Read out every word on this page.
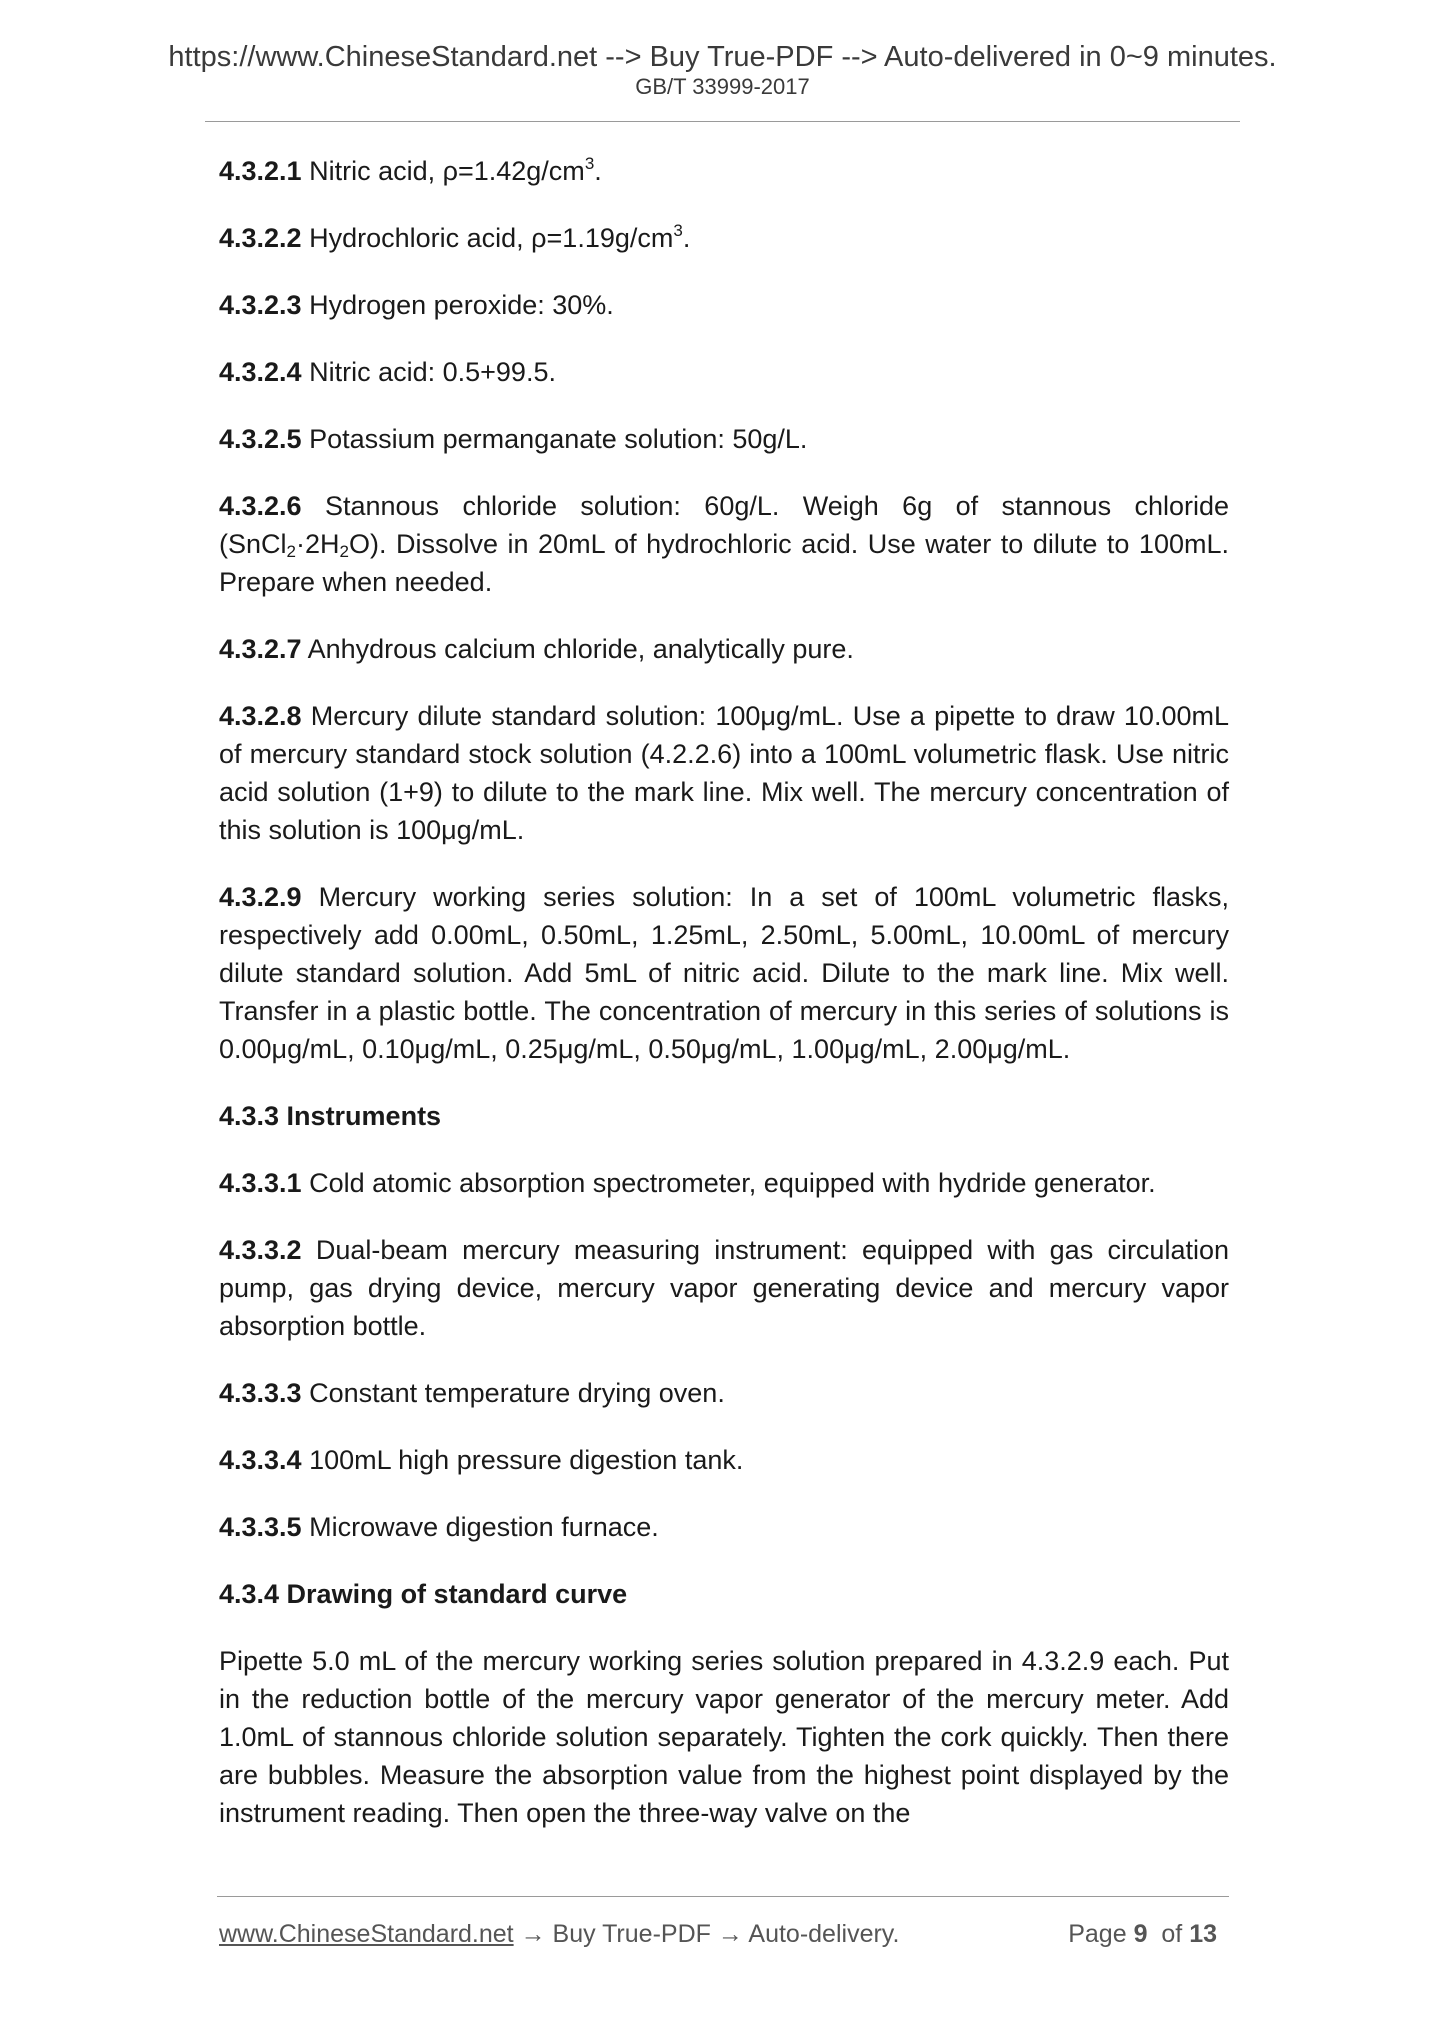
https://www.ChineseStandard.net --> Buy True-PDF --> Auto-delivered in 0~9 minutes.
GB/T 33999-2017

4.3.2.1 Nitric acid, $\rho=1.42g/cm^3$.

4.3.2.2 Hydrochloric acid, $\rho=1.19g/cm^3$.

4.3.2.3 Hydrogen peroxide: 30%.

4.3.2.4 Nitric acid: 0.5+99.5.

4.3.2.5 Potassium permanganate solution: 50g/L.

4.3.2.6 Stannous chloride solution: 60g/L. Weigh 6g of stannous chloride $(SnCl_2\cdot 2H_2O)$. Dissolve in 20mL of hydrochloric acid. Use water to dilute to 100mL. Prepare when needed.

4.3.2.7 Anhydrous calcium chloride, analytically pure.

4.3.2.8 Mercury dilute standard solution: 100μg/mL. Use a pipette to draw 10.00mL of mercury standard stock solution (4.2.2.6) into a 100mL volumetric flask. Use nitric acid solution (1+9) to dilute to the mark line. Mix well. The mercury concentration of this solution is 100μg/mL.

4.3.2.9 Mercury working series solution: In a set of 100mL volumetric flasks, respectively add 0.00mL, 0.50mL, 1.25mL, 2.50mL, 5.00mL, 10.00mL of mercury dilute standard solution. Add 5mL of nitric acid. Dilute to the mark line. Mix well. Transfer in a plastic bottle. The concentration of mercury in this series of solutions is 0.00μg/mL, 0.10μg/mL, 0.25μg/mL, 0.50μg/mL, 1.00μg/mL, 2.00μg/mL.

4.3.3 Instruments

4.3.3.1 Cold atomic absorption spectrometer, equipped with hydride generator.

4.3.3.2 Dual-beam mercury measuring instrument: equipped with gas circulation pump, gas drying device, mercury vapor generating device and mercury vapor absorption bottle.

4.3.3.3 Constant temperature drying oven.

4.3.3.4 100mL high pressure digestion tank.

4.3.3.5 Microwave digestion furnace.

4.3.4 Drawing of standard curve

Pipette 5.0 mL of the mercury working series solution prepared in 4.3.2.9 each. Put in the reduction bottle of the mercury vapor generator of the mercury meter. Add 1.0mL of stannous chloride solution separately. Tighten the cork quickly. Then there are bubbles. Measure the absorption value from the highest point displayed by the instrument reading. Then open the three-way valve on the

www.ChineseStandard.net → Buy True-PDF → Auto-delivery.	Page 9 of 13
